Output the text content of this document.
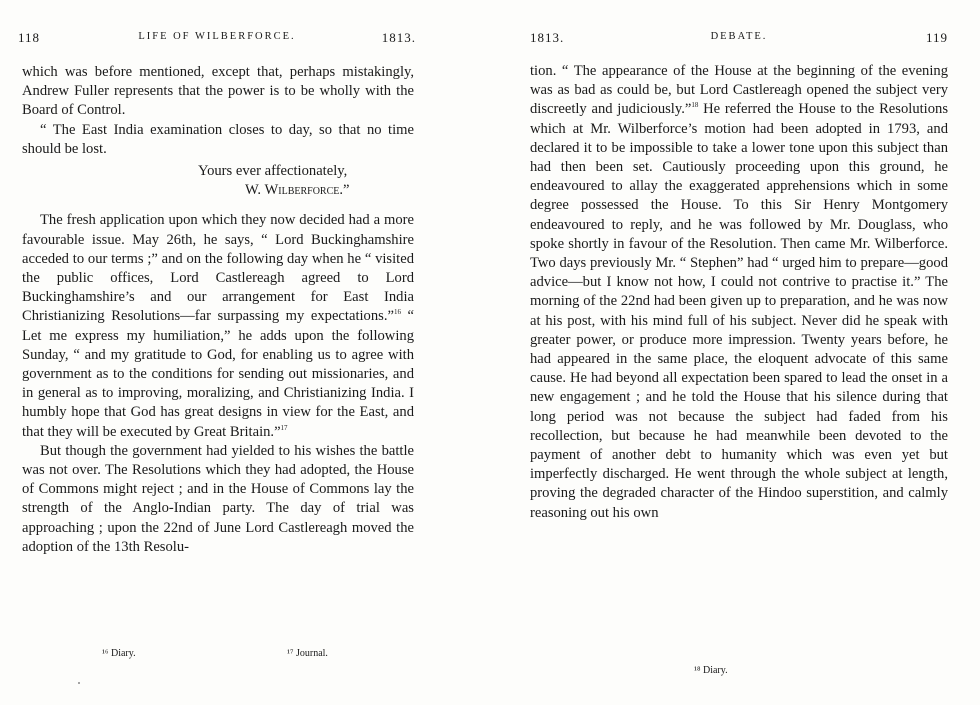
118	LIFE OF WILBERFORCE.	1813.

which was before mentioned, except that, perhaps mistakingly, Andrew Fuller represents that the power is to be wholly with the Board of Control.

“ The East India examination closes to day, so that no time should be lost.

Yours ever affectionately,

W. Wilberforce.”

The fresh application upon which they now decided had a more favourable issue. May 26th, he says, “ Lord Buckinghamshire acceded to our terms ;” and on the following day when he “ visited the public offices, Lord Castlereagh agreed to Lord Buckinghamshire’s and our arrangement for East India Christianizing Resolutions—far surpassing my expectations.”$^{16}$ “ Let me express my humiliation,” he adds upon the following Sunday, “ and my gratitude to God, for enabling us to agree with government as to the conditions for sending out missionaries, and in general as to improving, moralizing, and Christianizing India. I humbly hope that God has great designs in view for the East, and that they will be executed by Great Britain.”$^{17}$

But though the government had yielded to his wishes the battle was not over. The Resolutions which they had adopted, the House of Commons might reject ; and in the House of Commons lay the strength of the Anglo-Indian party. The day of trial was approaching ; upon the 22nd of June Lord Castlereagh moved the adoption of the 13th Resolu-

¹⁶ Diary.	¹⁷ Journal.
1813.	DEBATE.	119

tion. “ The appearance of the House at the beginning of the evening was as bad as could be, but Lord Castlereagh opened the subject very discreetly and judiciously.”$^{18}$ He referred the House to the Resolutions which at Mr. Wilberforce’s motion had been adopted in 1793, and declared it to be impossible to take a lower tone upon this subject than had then been set. Cautiously proceeding upon this ground, he endeavoured to allay the exaggerated apprehensions which in some degree possessed the House. To this Sir Henry Montgomery endeavoured to reply, and he was followed by Mr. Douglass, who spoke shortly in favour of the Resolution. Then came Mr. Wilberforce. Two days previously Mr. “ Stephen” had “ urged him to prepare—good advice—but I know not how, I could not contrive to practise it.” The morning of the 22nd had been given up to preparation, and he was now at his post, with his mind full of his subject. Never did he speak with greater power, or produce more impression. Twenty years before, he had appeared in the same place, the eloquent advocate of this same cause. He had beyond all expectation been spared to lead the onset in a new engagement ; and he told the House that his silence during that long period was not because the subject had faded from his recollection, but because he had meanwhile been devoted to the payment of another debt to humanity which was even yet but imperfectly discharged. He went through the whole subject at length, proving the degraded character of the Hindoo superstition, and calmly reasoning out his own

¹⁸ Diary.
